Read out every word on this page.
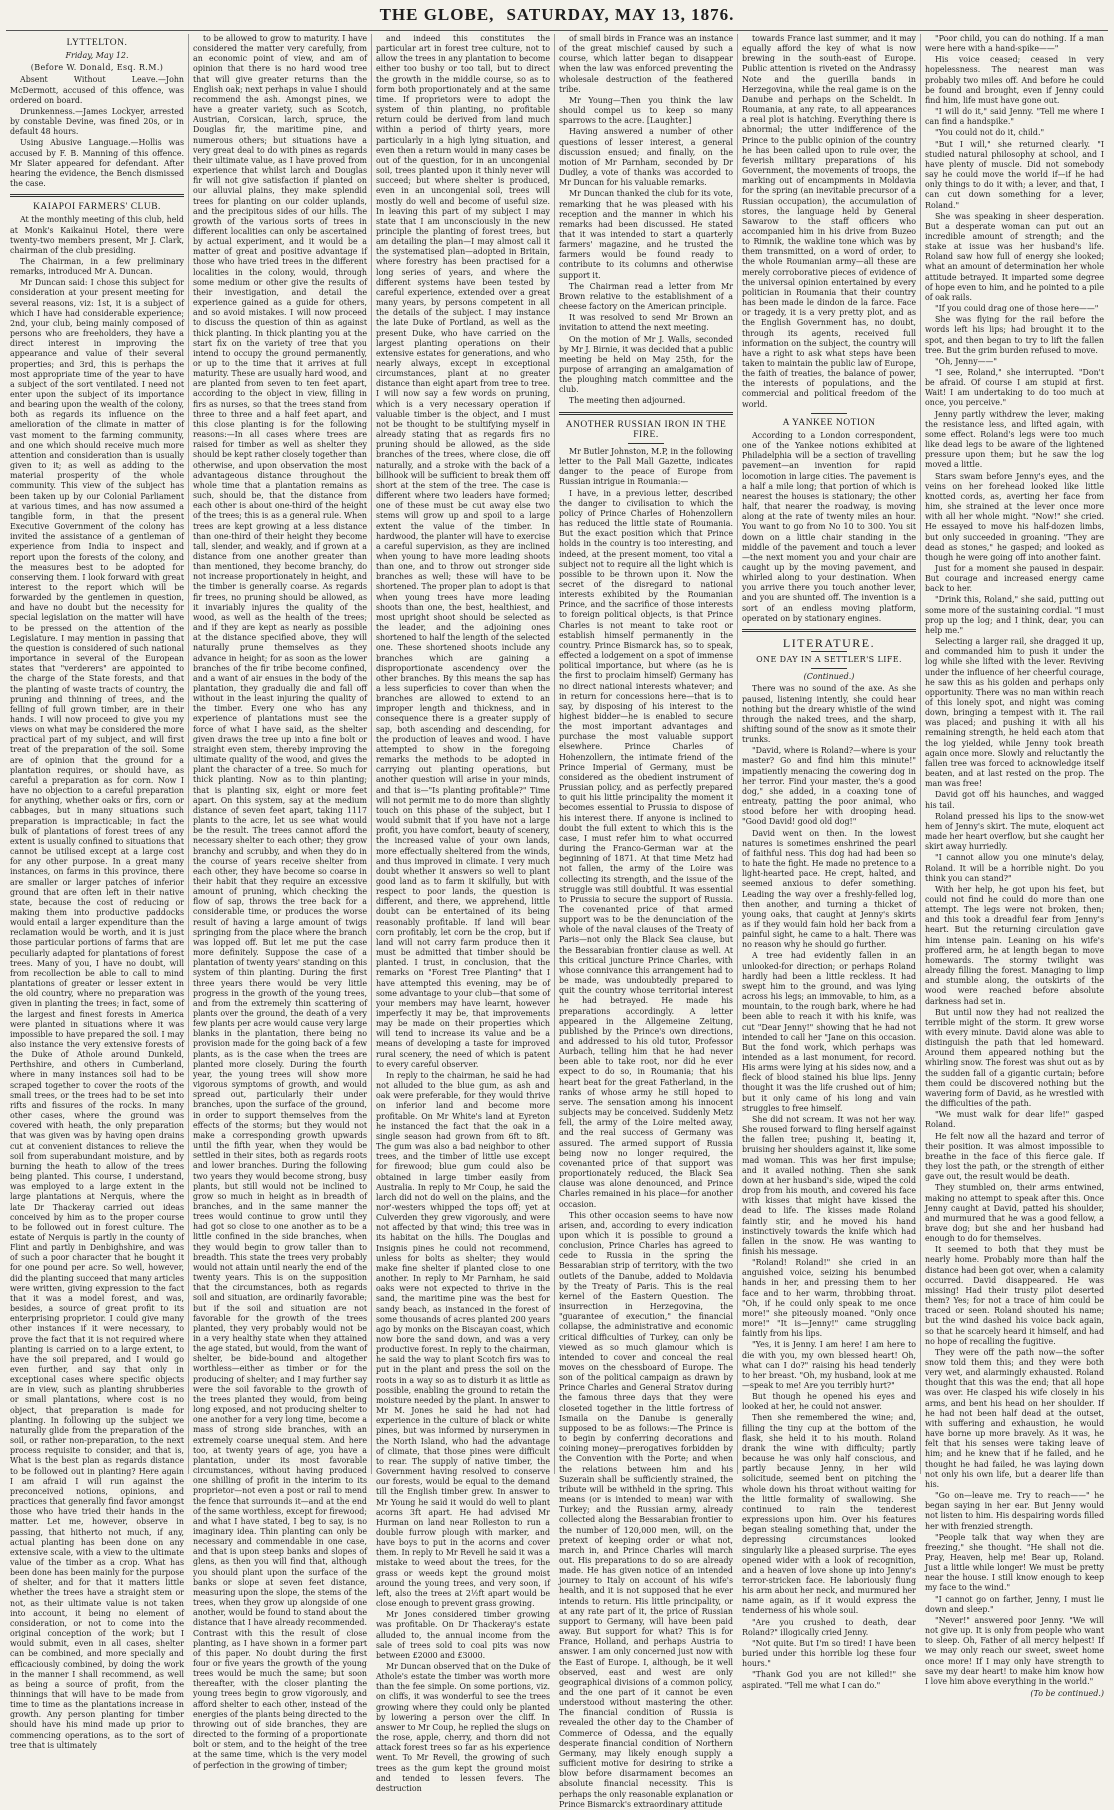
THE GLOBE, SATURDAY, MAY 13, 1876.
LYTTELTON.
Friday, May 12.
(Before W. Donald, Esq. R.M.)

Absent Without Leave.—John McDermott, accused of this offence, was ordered on board.

Drunkenness.—James Lockyer, arrested by constable Devine, was fined 20s, or in default 48 hours.

Using Abusive Language.—Hollis was accused by F. B. Manning of this offence. Mr Slater appeared for defendant. After hearing the evidence, the Bench dismissed the case.

KAIAPOI FARMERS' CLUB.

At the monthly meeting of this club, held at Monk's Kaikainui Hotel, there were twenty-two members present, Mr J. Clark, chairman of the club presiding.

The Chairman, in a few preliminary remarks, introduced Mr A. Duncan.

Mr Duncan said: I chose this subject for consideration at your present meeting for several reasons, viz: 1st, it is a subject of which I have had considerable experience; 2nd, your club, being mainly composed of persons who are freeholders, they have a direct interest in improving the appearance and value of their several properties; and 3rd, this is perhaps the most appropriate time of the year to have a subject of the sort ventilated. I need not enter upon the subject of its importance and bearing upon the wealth of the colony, both as regards its influence on the amelioration of the climate in matter of vast moment to the farming community, and one which should receive much more attention and consideration than is usually given to it; as well as adding to the material prosperity of the whole community. This view of the subject has been taken up by our Colonial Parliament at various times, and has now assumed a tangible form, in that the present Executive Government of the colony has invited the assistance of a gentleman of experience from India to inspect and report upon the forests of the colony, and the measures best to be adopted for conserving them. I look forward with great interest to the report which will be forwarded by the gentlemen in question, and have no doubt but the necessity for special legislation on the matter will have to be pressed on the attention of the Legislature. I may mention in passing that the question is considered of such national importance in several of the European states that "verderers" are appointed to the charge of the State forests, and that the planting of waste tracts of country, the pruning and thinning of trees, and the felling of full grown timber, are in their hands. I will now proceed to give you my views on what may be considered the more practical part of my subject, and will first treat of the preparation of the soil. Some are of opinion that the ground for a plantation requires, or should have, as careful a preparation as for corn. Now I have no objection to a careful preparation for anything, whether oaks or firs, corn or cabbages, but in many situations such preparation is impracticable; in fact the bulk of plantations of forest trees of any extent is usually confined to situations that cannot be utilised except at a large cost for any other purpose. In a great many instances, on farms in this province, there are smaller or larger patches of inferior ground that are often left in their native state, because the cost of reducing or making them into productive paddocks would entail a larger expenditure than the reclamation would be worth, and it is just those particular portions of farms that are peculiarly adapted for plantations of forest trees. Many of you, I have no doubt, will from recollection be able to call to mind plantations of greater or lesser extent in the old country, where no preparation was given in planting the trees; in fact, some of the largest and finest forests in America were planted in situations where it was impossible to have prepared the soil. I may also instance the very extensive forests of the Duke of Athole around Dunkeld, Perthshire, and others in Cumberland, where in many instances soil had to be scraped together to cover the roots of the small trees, or the trees had to be set into rifts and fissures of the rocks. In many other cases, where the ground was covered with heath, the only preparation that was given was by having open drains cut at convenient distances to relieve the soil from superabundant moisture, and by burning the heath to allow of the trees being planted. This course, I understand, was employed to a large extent in the large plantations at Nerquis, where the late Dr Thackeray carried out ideas conceived by him as to the proper course to be followed out in forest culture. The estate of Nerquis is partly in the county of Flint and partly in Denbighshire, and was of such a poor character that he bought it for one pound per acre. So well, however, did the planting succeed that many articles were written, giving expression to the fact that it was a model forest, and was, besides, a source of great profit to its enterprising proprietor. I could give many other instances if it were necessary, to prove the fact that it is not required where planting is carried on to a large extent, to have the soil prepared, and I would go even further, and say that only in exceptional cases where specific objects are in view, such as planting shrubberies or small plantations, where cost is no object, that preparation is made for planting. In following up the subject we naturally glide from the preparation of the soil, or rather non-preparation, to the next process requisite to consider, and that is, What is the best plan as regards distance to be followed out in planting? Here again I am afraid I will run against the preconceived notions, opinions, and practices that generally find favor amongst those who have tried their hands in the matter. Let me, however, observe in passing, that hitherto not much, if any, actual planting has been done on any extensive scale, with a view to the ultimate value of the timber as a crop. What has been done has been mainly for the purpose of shelter, and for that it matters little whether the trees have a straight stem or not, as their ultimate value is not taken into account, it being no element of consideration, or not to come into the original conception of the work; but I would submit, even in all cases, shelter can be combined, and more specially and efficaciously combined, by doing the work in the manner I shall recommend, as well as being a source of profit, from the thinnings that will have to be made from time to time as the plantations increase in growth. Any person planting for timber should have his mind made up prior to commencing operations, as to the sort of tree that is ultimately

to be allowed to grow to maturity. I have considered the matter very carefully, from an economic point of view, and am of opinion that there is no hard wood tree that will give greater returns than the English oak; next perhaps in value I should recommend the ash. Amongst pines, we have a greater variety, such as Scotch, Austrian, Corsican, larch, spruce, the Douglas fir, the maritime pine, and numerous others; but situations have a very great deal to do with pines as regards their ultimate value, as I have proved from experience that whilst larch and Douglas fir will not give satisfaction if planted on our alluvial plains, they make splendid trees for planting on our colder uplands, and the precipitous sides of our hills. The growth of the various sorts of trees in different localities can only be ascertained by actual experiment, and it would be a matter of great and positive advantage if those who have tried trees in the different localities in the colony, would, through some medium or other give the results of their investigation, and detail the experience gained as a guide for others, and so avoid mistakes. I will now proceed to discuss the question of thin as against thick planting. In thick planting you at the start fix on the variety of tree that you intend to occupy the ground permanently, or up to the time that it arrives at full maturity. These are usually hard wood, and are planted from seven to ten feet apart, according to the object in view, filling in firs as nurses, so that the trees stand from three to three and a half feet apart, and this close planting is for the following reasons:—In all cases where trees are raised for timber as well as shelter they should be kept rather closely together than otherwise, and upon observation the most advantageous distance throughout the whole time that a plantation remains as such, should be, that the distance from each other is about one-third of the height of the trees; this is as a general rule. When trees are kept growing at a less distance than one-third of their height they become tall, slender, and weakly, and if grown at a distance from one another greater than than mentioned, they become branchy, do not increase proportionately in height, and the timber is generally coarse. As regards fir trees, no pruning should be allowed, as it invariably injures the quality of the wood, as well as the health of the trees; and if they are kept as nearly as possible at the distance specified above, they will naturally prune themselves as they advance in height; for as soon as the lower branches of the fir tribe become confined, and a want of air ensues in the body of the plantation, they gradually die and fall off without in the least injuring the quality of the timber. Every one who has any experience of plantations must see the force of what I have said, as the shelter given draws the tree up into a fine bolt or straight even stem, thereby improving the ultimate quality of the wood, and gives the plant the character of a tree. So much for thick planting. Now as to thin planting; that is planting six, eight or more feet apart. On this system, say at the medium distance of seven feet apart, taking 1117 plants to the acre, let us see what would be the result. The trees cannot afford the necessary shelter to each other; they grow branchy and scrubby, and when they do in the course of years receive shelter from each other, they have become so coarse in their habit that they require an excessive amount of pruning, which checking the flow of sap, throws the tree back for a considerable time, or produces the worse result of having a large amount of twigs springing from the place where the branch was lopped off. But let me put the case more definitely. Suppose the case of a plantation of twenty years' standing on this system of thin planting. During the first three years there would be very little progress in the growth of the young trees, and from the extremely thin scattering of plants over the ground, the death of a very few plants per acre would cause very large blanks in the plantation, there being no provision made for the going back of a few plants, as is the case when the trees are planted more closely. During the fourth year, the young trees will show more vigorous symptoms of growth, and would spread out, particularly their under branches, upon the surface of the ground, in order to support themselves from the effects of the storms; but they would not make a corresponding growth upwards until the fifth year, when they would be settled in their sites, both as regards roots and lower branches. During the following two years they would become strong, busy plants, but still would not be inclined to grow so much in height as in breadth of branches, and in the same manner the trees would continue to grow until they had got so close to one another as to be a little confined in the side branches, when they would begin to grow taller than to breadth. This state the trees very probably would not attain until nearly the end of the twenty years. This is on the supposition that the circumstances, both as regards soil and situation, are ordinarily favorable; but if the soil and situation are not favorable for the growth of the trees planted, they very probably would not be in a very healthy state when they attained the age stated, but would, from the want of shelter, be bide-bound and altogether worthless—either as timber or for the producing of shelter; and I may further say were the soil favorable to the growth of the trees planted they would, from being long exposed, and not producing shelter to one another for a very long time, become a mass of strong side branches, with an extremely coarse unequal stem. And here too, at twenty years of age, you have a plantation, under its most favorable circumstances, without having produced one shilling of profit in the interim to its proprietor—not even a post or rail to mend the fence that surrounds it—and at the end of the same worthless, except for firewood; and what I have stated, I beg to say, is no imaginary idea. Thin planting can only be necessary and commendable in one case, and that is upon steep banks and slopes of glens, as then you will find that, although you should plant upon the surface of the banks or slope at seven feet distance, measuring upon the slope, the stems of the trees, when they grow up alongside of one another, would be found to stand about the distance that I have already recommended. Contrast with this the result of close planting, as I have shown in a former part of this paper. No doubt during the first four or five years the growth of the young trees would be much the same; but soon thereafter, with the closer planting the young trees begin to grow vigorously, and afford shelter to each other, instead of the energies of the plants being directed to the throwing out of side branches, they are directed to the forming of a proportionate bolt or stem, and to the height of the tree at the same time, which is the very model of perfection in the growing of timber;

and indeed this constitutes the particular art in forest tree culture, not to allow the trees in any plantation to become either too bushy or too tall, but to direct the growth in the middle course, so as to form both proportionately and at the same time. If proprietors were to adopt the system of thin planting, no profitable return could be derived from land much within a period of thirty years, more particularly in a high lying situation, and even then a return would in many cases be out of the question, for in an uncongenial soil, trees planted upon it thinly never will succeed; but where shelter is produced, even in an uncongenial soil, trees will mostly do well and become of useful size. In leaving this part of my subject I may state that I am unconsciously in the new principle the planting of forest trees, but am detailing the plan—I may almost call it the systematised plan—adopted in Britain, where forestry has been practised for a long series of years, and where the different systems have been tested by careful experience, extended over a great many years, by persons competent in all the details of the subject. I may instance the late Duke of Portland, as well as the present Duke, who have carried on the largest planting operations on their extensive estates for generations, and who nearly always, except in exceptional circumstances, plant at no greater distance than eight apart from tree to tree. I will now say a few words on pruning, which is a very necessary operation if valuable timber is the object, and I must not be thought to be stultifying myself in already stating that as regards firs no pruning should be allowed, as the side branches of the trees, where close, die off naturally, and a stroke with the back of a billhook will be sufficient to break them off short at the stem of the tree. The case is different where two leaders have formed; one of these must be cut away else two stems will grow up and spoil to a large extent the value of the timber. In hardwood, the planter will have to exercise a careful supervision, as they are inclined when young to have more leading shoots than one, and to throw out stronger side branches as well; these will have to be shortened. The proper plan to adopt is that when young trees have more leading shoots than one, the best, healthiest, and most upright shoot should be selected as the leader, and the adjoining ones shortened to half the length of the selected one. These shortened shoots include any branches which are gaining a disproportionate ascendency over the other branches. By this means the sap has a less superficies to cover than when the branches are allowed to extend to an improper length and thickness, and in consequence there is a greater supply of sap, both ascending and descending, for the production of leaves and wood. I have attempted to show in the foregoing remarks the methods to be adopted in carrying out planting operations, but another question will arise in your minds, and that is—"Is planting profitable?" Time will not permit me to do more than slightly touch on this phase of the subject, but I would submit that if you have not a large profit, you have comfort, beauty of scenery, the increased value of your own lands, more effectually sheltered from the winds, and thus improved in climate. I very much doubt whether it answers so well to plant good land as to farm it skilfully, but with respect to poor lands, the question is different, and there, we apprehend, little doubt can be entertained of its being reasonably profitable. If land will bear corn profitably, let corn be the crop, but if land will not carry farm produce then it must be admitted that timber should be planted. I trust, in conclusion, that the remarks on "Forest Tree Planting" that I have attempted this evening, may be of some advantage to your club—that some of your members may have learnt, however imperfectly it may be, that improvements may be made on their properties which will tend to increase its value and be a means of developing a taste for improved rural scenery, the need of which is patent to every careful observer.

In reply to the chairman, he said he had not alluded to the blue gum, as ash and oak were preferable, for they would thrive on inferior land and become more profitable. On Mr White's land at Eyreton he instanced the fact that the oak in a single season had grown from 6ft to 8ft. The gum was also a bad neighbor to other trees, and the timber of little use except for firewood; blue gum could also be obtained in large timber easily from Australia. In reply to Mr Coup, he said the larch did not do well on the plains, and the nor'-westers whipped the tops off; yet at Culverden they grew vigorously, and were not affected by that wind; this tree was in its habitat on the hills. The Douglas and Insignis pines he could not recommend, unless for bolts as shelter; they would make fine shelter if planted close to one another. In reply to Mr Parnham, he said oaks were not expected to thrive in the sand, the maritime pine was the best for sandy beach, as instanced in the forest of some thousands of acres planted 200 years ago by monks on the Biscayan coast, which now bore the sand down, and was a very productive forest. In reply to the chairman, he said the way to plant Scotch firs was to put in the plant and press the soil on the roots in a way so as to disturb it as little as possible, enabling the ground to retain the moisture needed by the plant. In answer to Mr M. Jones he said he had not had experience in the culture of black or white pines, but was informed by nurserymen in the North Island, who had the advantage of climate, that those pines were difficult to rear. The supply of native timber, the Government having resolved to conserve our forests, would be equal to the demand till the English timber grew. In answer to Mr Young he said it would do well to plant acorns 3ft apart. He had advised Mr Hurman on land near Rolleston to run a double furrow plough with marker, and have boys to put in the acorns and cover them. In reply to Mr Revell he said it was a mistake to weed about the trees, for the grass or weeds kept the ground moist around the young trees, and very soon, if left, also the trees at 2½ft apart would be close enough to prevent grass growing.

Mr Jones considered timber growing was profitable. On Dr Thackeray's estate alluded to, the annual income from the sale of trees sold to coal pits was now between £2000 and £3000.

Mr Duncan observed that on the Duke of Athole's estate the timber was worth more than the fee simple. On some portions, viz. on cliffs, it was wonderful to see the trees growing where they could only be planted by lowering a person over the cliff. In answer to Mr Coup, he replied the slugs on the rose, apple, cherry, and thorn did not attack forest trees so far as his experience went. To Mr Revell, the growing of such trees as the gum kept the ground moist and tended to lessen fevers. The destruction

of small birds in France was an instance of the great mischief caused by such a course, which latter began to disappear when the law was enforced preventing the wholesale destruction of the feathered tribe.

Mr Young—Then you think the law should compel us to keep so many sparrows to the acre. [Laughter.]

Having answered a number of other questions of lesser interest, a general discussion ensued; and finally, on the motion of Mr Parnham, seconded by Dr Dudley, a vote of thanks was accorded to Mr Duncan for his valuable remarks.

Mr Duncan thanked the club for its vote, remarking that he was pleased with his reception and the manner in which his remarks had been discussed. He stated that it was intended to start a quarterly farmers' magazine, and he trusted the farmers would be found ready to contribute to its columns and otherwise support it.

The Chairman read a letter from Mr Brown relative to the establishment of a cheese factory on the American principle.

It was resolved to send Mr Brown an invitation to attend the next meeting.

On the motion of Mr J. Walls, seconded by Mr J. Birnie, it was decided that a public meeting be held on May 25th, for the purpose of arranging an amalgamation of the ploughing match committee and the club.

The meeting then adjourned.

ANOTHER RUSSIAN IRON IN THE FIRE.

Mr Butler Johnston, M.P, in the following letter to the Pall Mall Gazette, indicates danger to the peace of Europe from Russian intrigue in Roumania:—

I have, in a previous letter, described the danger to civilisation to which the policy of Prince Charles of Hohenzollern has reduced the little state of Roumania. But the exact position which that Prince holds in the country is too interesting, and indeed, at the present moment, too vital a subject not to require all the light which is possible to be thrown upon it. Now the secret of the disregard to national interests exhibited by the Roumanian Prince, and the sacrifice of those interests to foreign political objects, is that Prince Charles is not meant to take root or establish himself permanently in the country. Prince Bismarck has, so to speak, effected a lodgement on a spot of immense political importance, but where (as he is the first to proclaim himself) Germany has no direct national interests whatever; and in return for concessions here—that is to say, by disposing of his interest to the highest bidder—he is enabled to secure the most important advantages and purchase the most valuable support elsewhere. Prince Charles of Hohenzollern, the intimate friend of the Prince Imperial of Germany, must be considered as the obedient instrument of Prussian policy, and as perfectly prepared to quit his little principality the moment it becomes essential to Prussia to dispose of his interest there. If anyone is inclined to doubt the full extent to which this is the case, I must refer him to what occurred during the Franco-German war at the beginning of 1871. At that time Metz had not fallen, the army of the Loire was collecting its strength, and the issue of the struggle was still doubtful. It was essential to Prussia to secure the support of Russia. The covenanted price of that armed support was to be the denunciation of the whole of the naval clauses of the Treaty of Paris—not only the Black Sea clause, but the Bessarabian frontier clause as well. At this critical juncture Prince Charles, with whose connivance this arrangement had to be made, was undoubtedly prepared to quit the country whose territorial interest he had betrayed. He made his preparations accordingly. A letter appeared in the Allgemeine Zeitung, published by the Prince's own directions, and addressed to his old tutor, Professor Aurbach, telling him that he had never been able to take root, nor did he ever expect to do so, in Roumania; that his heart beat for the great Fatherland, in the ranks of whose army he still hoped to serve. The sensation among his innocent subjects may be conceived. Suddenly Metz fell, the army of the Loire melted away, and the real success of Germany was assured. The armed support of Russia being now no longer required, the covenanted price of that support was proportionately reduced, the Black Sea clause was alone denounced, and Prince Charles remained in his place—for another occasion.

This other occasion seems to have now arisen, and, according to every indication upon which it is possible to ground a conclusion, Prince Charles has agreed to cede to Russia in the spring the Bessarabian strip of territory, with the two outlets of the Danube, added to Moldavia by the Treaty of Paris. This is the real kernel of the Eastern Question. The insurrection in Herzegovina, the "guarantee of execution," the financial collapse, the administrative and economic critical difficulties of Turkey, can only be viewed as so much glamour which is intended to cover and conceal the real moves on the chessboard of Europe. The son of the political campaign as drawn by Prince Charles and General Stratov during the famous three days that they were closeted together in the little fortress of Ismaila on the Danube is generally supposed to be as follows:—The Prince is to begin by conferring decorations and coining money—prerogatives forbidden by the Convention with the Porte; and when the relations between him and his Suzerain shall be sufficiently strained, the tribute will be withheld in the spring. This means (or is intended to mean) war with Turkey; and the Russian army, already collected along the Bessarabian frontier to the number of 120,000 men, will, on the pretext of keeping order or what not, march in, and Prince Charles will march out. His preparations to do so are already made. He has given notice of an intended journey to Italy on account of his wife's health, and it is not supposed that he ever intends to return. His little principality, or at any rate part of it, the price of Russian support to Germany, will have been paid away. But support for what? This is for France, Holland, and perhaps Austria to answer. I am only concerned just now with the East of Europe. I, although, be it well observed, east and west are only geographical divisions of a common policy, and the one part of it cannot be even understood without mastering the other. The financial condition of Russia is revealed the other day to the Chamber of Commerce of Odessa, and the equally desperate financial condition of Northern Germany, may likely enough supply a sufficient motive for desiring to strike a blow before disarmament becomes an absolute financial necessity. This is perhaps the only reasonable explanation or Prince Bismarck's extraordinary attitude

towards France last summer, and it may equally afford the key of what is now brewing in the south-east of Europe. Public attention is riveted on the Andrassy Note and the guerilla bands in Herzegovina, while the real game is on the Danube and perhaps on the Scheldt. In Roumania, at any rate, to all appearances a real plot is hatching. Everything there is abnormal; the utter indifference of the Prince to the public opinion of the country he has been called upon to rule over, the feverish military preparations of his Government, the movements of troops, the marking out of encampments in Moldavia for the spring (an inevitable precursor of a Russian occupation), the accumulation of stores, the language held by General Sawarow to the staff officers who accompanied him in his drive from Buzeo to Rimnik, the wakline tone which was by them transmitted, on a word of order, to the whole Roumanian army—all these are merely corroborative pieces of evidence of the universal opinion entertained by every politician in Roumania that their country has been made le dindon de la farce. Face or tragedy, it is a very pretty plot, and as the English Government has, no doubt, through its agents, received full information on the subject, the country will have a right to ask what steps have been taken to maintain the public law of Europe, the faith of treaties, the balance of power, the interests of populations, and the commercial and political freedom of the world.

A YANKEE NOTION

According to a London correspondent, one of the Yankee notions exhibited at Philadelphia will be a section of travelling pavement—an invention for rapid locomotion in large cities. The pavement is a half a mile long; that portion of which is nearest the houses is stationary; the other half, that nearer the roadway, is moving along at the rate of twenty miles an hour. You want to go from No 10 to 300. You sit down on a little chair standing in the middle of the pavement and touch a lever—the next moment you and your chair are caught up by the moving pavement, and whirled along to your destination. When you arrive there you touch another lever, and you are shunted off. The invention is a sort of an endless moving platform, operated on by stationary engines.

LITERATURE.
ONE DAY IN A SETTLER'S LIFE.
(Continued.)

There was no sound of the axe. As she paused, listening intently, she could hear nothing but the dreary whistle of the wind through the naked trees, and the sharp, shifting sound of the snow as it smote their trunks.

"David, where is Roland?—where is your master? Go and find him this minute!" impatiently menacing the cowering dog in her terror. Find your master, the's a good dog," she added, in a coaxing tone of entreaty, patting the poor animal, who stood before her with drooping head. "Good David! good old dog!"

David went on then. In the lowest natures is sometimes enshrined the pearl of faithful ness. This dog had had been so to hate the fight. He made no pretence to a light-hearted pace. He crept, halted, and seemed anxious to defer something. Leading the way over a freshly-felled log, then another, and turning a thicket of young oaks, that caught at Jenny's skirts as if they would fain hold her back from a painful sight, he came to a halt. There was no reason why he should go further.

A tree had evidently fallen in an unlooked-for direction; or perhaps Roland hardly had been a little reckless. It had swept him to the ground, and was lying across his legs; an immovable, to him, as a mountain, to the rough bark, where he had been able to reach it with his knife, was cut "Dear Jenny!" showing that he had not intended to call her "Jane on this occasion. But the fond work, which perhaps was intended as a last monument, for record. His arms were lying at his sides now, and a fleck of blood stained his blue lips. Jenny thought it was the life crushed out of him; but it only came of his long and vain struggles to free himself.

She did not scream. It was not her way. She roused forward to fling herself against the fallen tree; pushing it, beating it, bruising her shoulders against it, like some mad woman. This was her first impulse; and it availed nothing. Then she sank down at her husband's side, wiped the cold drop from his mouth, and covered his face with kisses that might have kissed the dead to life. The kisses made Roland faintly stir, and he moved his hand instinctively towards the knife which had fallen in the snow. He was wanting to finish his message.

"Roland! Roland!" she cried in an anguished voice, seizing his benumbed hands in her, and pressing them to her face and to her warm, throbbing throat. "Oh, if he could only speak to me once more!" she piteously moaned. "Only once more!" "It is—Jenny!" came struggling faintly from his lips.

"Yes, it is Jenny. I am here! I am here to die with you, my own blessed heart! Oh, what can I do?" raising his head tenderly to her breast. "Oh, my husband, look at me—speak to me! Are you terribly hurt?"

But though he opened his eyes and looked at her, he could not answer.

Then she remembered the wine; and, filling the tiny cup at the bottom of the flask, she held it to his mouth. Roland drank the wine with difficulty; partly because he was only half conscious, and partly because Jenny, in her wild solicitude, seemed bent on pitching the whole down his throat without waiting for the little formality of swallowing. She continued to rain the tenderest expressions upon him. Over his features began stealing something that, under the depressing circumstances looked singularly like a pleased surprise. The eyes opened wider with a look of recognition, and a heaven of love shone up into Jenny's terror-stricken face. He laboriously flung his arm about her neck, and murmured her name again, as if it would express the tenderness of his whole soul.

"Are you crushed to death, dear Roland?" illogically cried Jenny.

"Not quite. But I'm so tired! I have been buried under this horrible log these four hours."

"Thank God you are not killed!" she aspirated. "Tell me what I can do."

"Poor child, you can do nothing. If a man were here with a hand-spike——"

His voice ceased; ceased in very hopelessness. The nearest man was probably two miles off. And before he could be found and brought, even if Jenny could find him, life must have gone out.

"I will do it," said Jenny. "Tell me where I can find a handspike."

"You could not do it, child."

"But I will," she returned clearly. "I studied natural philosophy at school, and I have plenty of muscle. Did not somebody say he could move the world if—if he had only things to do it with; a lever, and that, I can cut down something for a lever, Roland."

She was speaking in sheer desperation. But a desperate woman can put out an incredible amount of strength; and the stake at issue was her husband's life. Roland saw how full of energy she looked; what an amount of determination her whole attitude betrayed. It imparted some degree of hope even to him, and he pointed to a pile of oak rails.

"If you could drag one of those here——"

She was flying for the rail before the words left his lips; had brought it to the spot, and then began to try to lift the fallen tree. But the grim burden refused to move.

"Oh, Jenny——"

"I see, Roland," she interrupted. "Don't be afraid. Of course I am stupid at first. Wait! I am undertaking to do too much at once, you perceive."

Jenny partly withdrew the lever, making the resistance less, and lifted again, with some effect. Roland's legs were too much like dead legs to be aware of the lightened pressure upon them; but he saw the log moved a little.

Stars swam before Jenny's eyes, and the veins on her forehead looked like little knotted cords, as, averting her face from him, she strained at the lever once more with all her whole might. "Now!" she cried. He essayed to move his half-dozen limbs, but only succeeded in groaning. "They are dead as stones," he gasped; and looked as though he were going off into another faint.

Just for a moment she paused in despair. But courage and increased energy came back to her.

"Drink this, Roland," she said, putting out some more of the sustaining cordial. "I must prop up the log; and I think, dear, you can help me."

Selecting a larger rail, she dragged it up, and commanded him to push it under the log while she lifted with the lever. Reviving under the influence of her cheerful courage, he saw this as his golden and perhaps only opportunity. There was no man within reach of this lonely spot, and night was coming down, bringing a tempest with it. The rail was placed; and pushing it with all his remaining strength, he held each atom that the log yielded, while Jenny took breath again once more. Slowly and reluctantly the fallen tree was forced to acknowledge itself beaten, and at last rested on the prop. The man was free!

David got off his haunches, and wagged his tail.

Roland pressed his lips to the snow-wet hem of Jenny's skirt. The mute, eloquent act made her heart overflow, but she caught her skirt away hurriedly.

"I cannot allow you one minute's delay, Roland. It will be a horrible night. Do you think you can stand?"

With her help, he got upon his feet, but could not find he could do more than one attempt. The legs were not broken, then; and this took a dreadful fear from Jenny's heart. But the returning circulation gave him intense pain. Leaning on his wife's proffered arm, he at length began to move homewards. The stormy twilight was already filling the forest. Managing to limp and stumble along, the outskirts of the wood were reached before absolute darkness had set in.

But until now they had not realized the terrible might of the storm. It grew worse with every minute. David alone was able to distinguish the path that led homeward. Around them appeared nothing but the whirling snow. The forest was shut out as by the sudden fall of a gigantic curtain; before them could be discovered nothing but the wavering form of David, as he wrestled with the difficulties of the path.

"We must walk for dear life!" gasped Roland.

He felt now all the hazard and terror of their position. It was almost impossible to breathe in the face of this fierce gale. If they lost the path, or the strength of either gave out, the result would be death.

They stumbled on, their arms entwined, making no attempt to speak after this. Once Jenny caught at David, patted his shoulder, and murmured that he was a good fellow, a brave dog; but she and her husband had enough to do for themselves.

It seemed to both that they must be nearly home. Probably more than half the distance had been got over, when a calamity occurred. David disappeared. He was missing! Had their trusty pilot deserted them? Yes; for not a trace of him could be traced or seen. Roland shouted his name; but the wind dashed his voice back again, so that he scarcely heard it himself, and had no hope of recalling the fugitive.

They were off the path now—the softer snow told them this; and they were both very wet, and alarmingly exhausted. Roland thought that this was the end; that all hope was over. He clasped his wife closely in his arms, and bent his head on her shoulder. If he had not been half dead at the outset, with suffering and exhaustion, he would have borne up more bravely. As it was, he felt that his senses were taking leave of him; and he knew that if he failed, and he thought he had failed, he was laying down not only his own life, but a dearer life than his.

"Go on—leave me. Try to reach——" he began saying in her ear. But Jenny would not listen to him. His despairing words filled her with frenzied strength.

"People talk that way when they are freezing," she thought. "He shall not die. Pray, Heaven, help me! Bear up, Roland. Just a little while longer! We must be pretty near the house. I still know enough to keep my face to the wind."

"I cannot go on farther, Jenny, I must lie down and sleep."

"Never!" answered poor Jenny. "We will not give up. It is only from people who want to sleep. Oh, Father of all mercy helpest! If we may only reach our sweet, sweet home once more! If I may only have strength to save my dear heart! to make him know how I love him above everything in the world."

(To be continued.)
